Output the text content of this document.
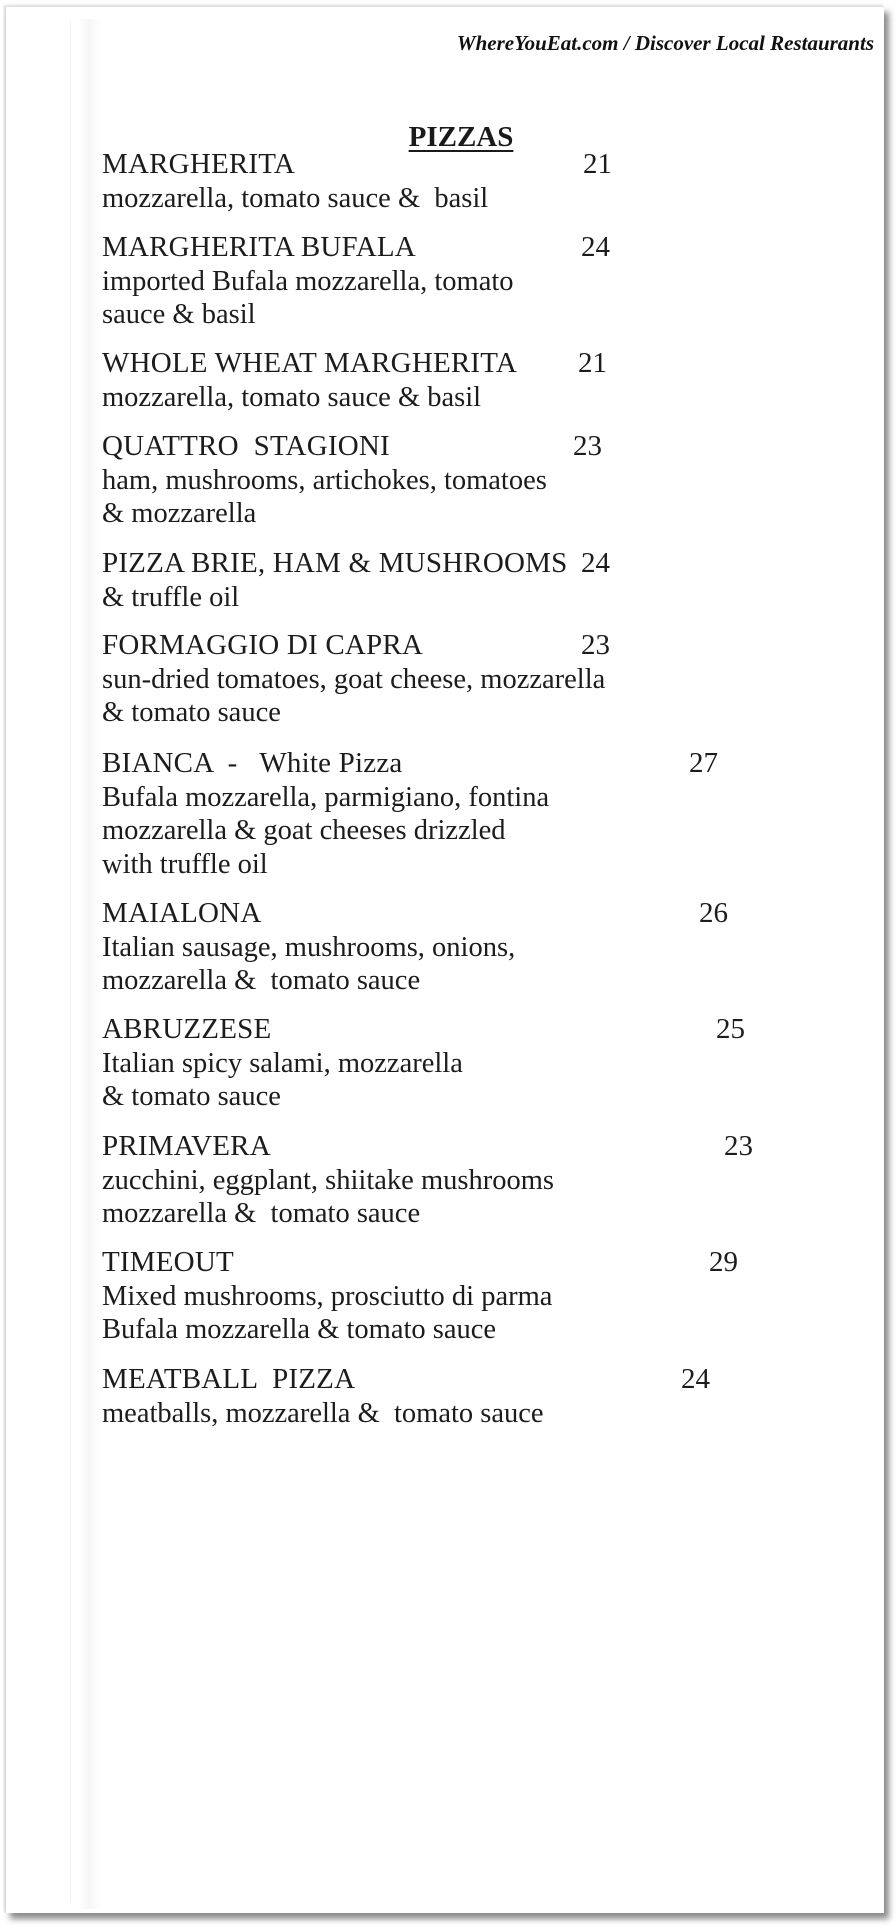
WhereYouEat.com / Discover Local Restaurants
PIZZAS
MARGHERITA
mozzarella, tomato sauce &  basil
21
MARGHERITA BUFALA
imported Bufala mozzarella, tomato
sauce & basil
24
WHOLE WHEAT MARGHERITA
mozzarella, tomato sauce & basil
21
QUATTRO  STAGIONI
ham, mushrooms, artichokes, tomatoes
& mozzarella
23
PIZZA BRIE, HAM & MUSHROOMS
& truffle oil
24
FORMAGGIO DI CAPRA
sun-dried tomatoes, goat cheese, mozzarella
& tomato sauce
23
BIANCA  -   White Pizza
Bufala mozzarella, parmigiano, fontina
mozzarella & goat cheeses drizzled
with truffle oil
27
MAIALONA
Italian sausage, mushrooms, onions,
mozzarella &  tomato sauce
26
ABRUZZESE
Italian spicy salami, mozzarella
& tomato sauce
25
PRIMAVERA
zucchini, eggplant, shiitake mushrooms
mozzarella &  tomato sauce
23
TIMEOUT
Mixed mushrooms, prosciutto di parma
Bufala mozzarella & tomato sauce
29
MEATBALL  PIZZA
meatballs, mozzarella &  tomato sauce
24
